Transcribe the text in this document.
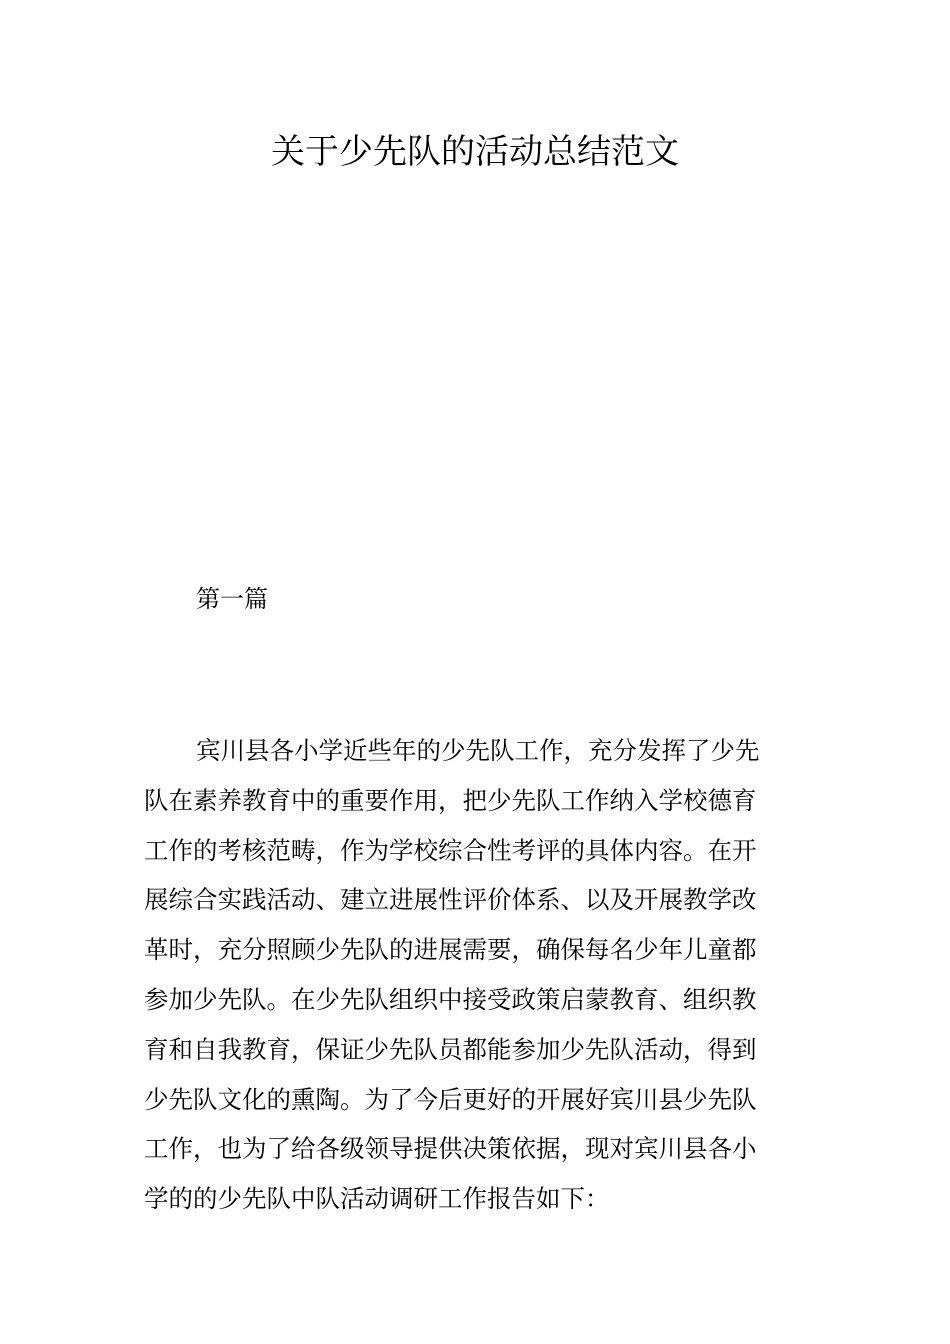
关于少先队的活动总结范文
第一篇
宾川县各小学近些年的少先队工作，充分发挥了少先
队在素养教育中的重要作用，把少先队工作纳入学校德育
工作的考核范畴，作为学校综合性考评的具体内容。在开
展综合实践活动、建立进展性评价体系、以及开展教学改
革时，充分照顾少先队的进展需要，确保每名少年儿童都
参加少先队。在少先队组织中接受政策启蒙教育、组织教
育和自我教育，保证少先队员都能参加少先队活动，得到
少先队文化的熏陶。为了今后更好的开展好宾川县少先队
工作，也为了给各级领导提供决策依据，现对宾川县各小
学的的少先队中队活动调研工作报告如下：
